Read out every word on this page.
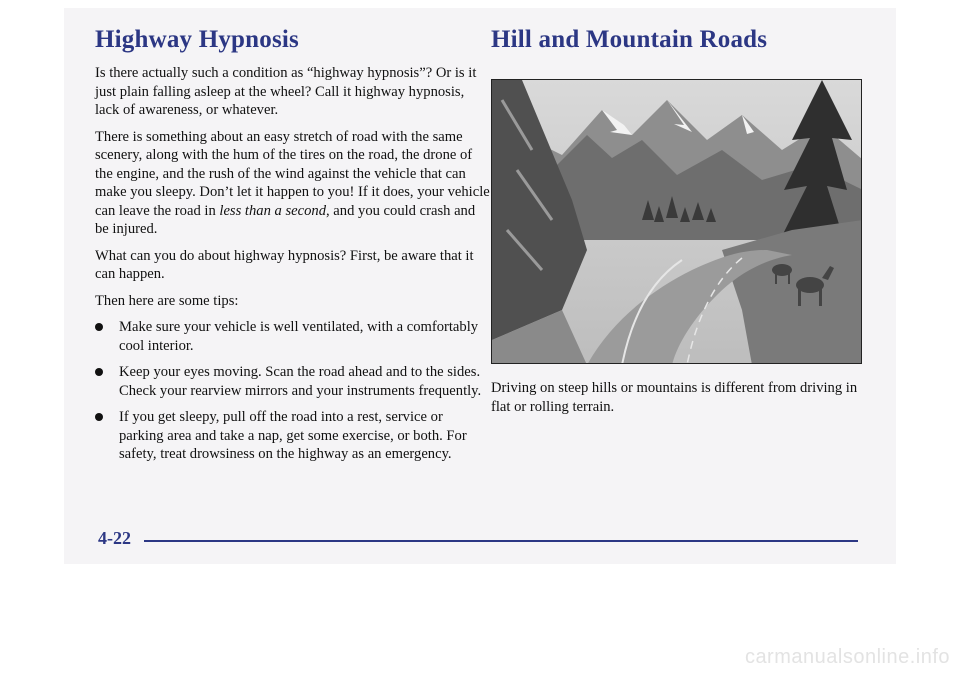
Highway Hypnosis

Is there actually such a condition as “highway hypnosis”? Or is it just plain falling asleep at the wheel? Call it highway hypnosis, lack of awareness, or whatever.

There is something about an easy stretch of road with the same scenery, along with the hum of the tires on the road, the drone of the engine, and the rush of the wind against the vehicle that can make you sleepy. Don’t let it happen to you! If it does, your vehicle can leave the road in less than a second, and you could crash and be injured.

What can you do about highway hypnosis? First, be aware that it can happen.

Then here are some tips:

Make sure your vehicle is well ventilated, with a comfortably cool interior.
Keep your eyes moving. Scan the road ahead and to the sides. Check your rearview mirrors and your instruments frequently.
If you get sleepy, pull off the road into a rest, service or parking area and take a nap, get some exercise, or both. For safety, treat drowsiness on the highway as an emergency.
Hill and Mountain Roads

Driving on steep hills or mountains is different from driving in flat or rolling terrain.

4-22
carmanualsonline.info
